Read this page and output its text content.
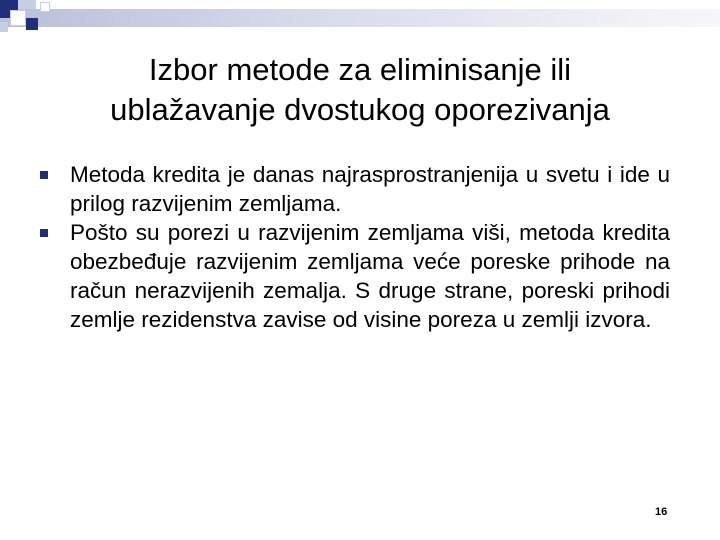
Izbor metode za eliminisanje ili
ublažavanje dvostukog oporezivanja
Metoda kredita je danas najrasprostranjenija u svetu i ide u prilog razvijenim zemljama.
Pošto su porezi u razvijenim zemljama viši, metoda kredita obezbeđuje razvijenim zemljama veće poreske prihode na račun nerazvijenih zemalja. S druge strane, poreski prihodi zemlje rezidenstva zavise od visine poreza u zemlji izvora.
16
